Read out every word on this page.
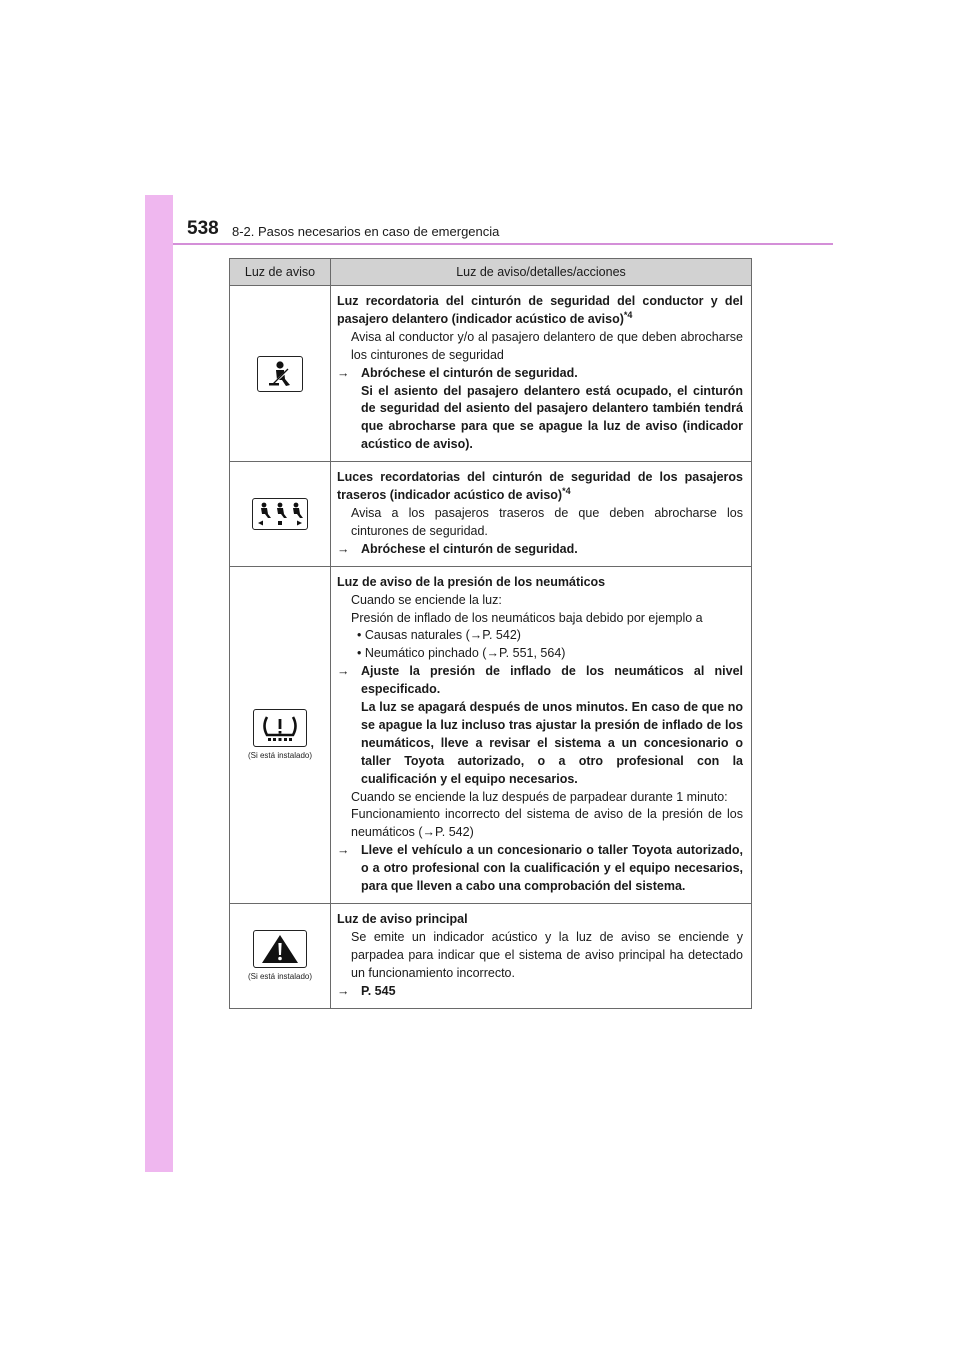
538 8-2. Pasos necesarios en caso de emergencia
Luz de aviso	Luz de aviso/detalles/acciones

Luz recordatoria del cinturón de seguridad del conductor y del pasajero delantero (indicador acústico de aviso)$^{*4}$

Avisa al conductor y/o al pasajero delantero de que deben abrocharse los cinturones de seguridad

→ Abróchese el cinturón de seguridad.

Si el asiento del pasajero delantero está ocupado, el cinturón de seguridad del asiento del pasajero delantero también tendrá que abrocharse para que se apague la luz de aviso (indicador acústico de aviso).

Luces recordatorias del cinturón de seguridad de los pasajeros traseros (indicador acústico de aviso)$^{*4}$

Avisa a los pasajeros traseros de que deben abrocharse los cinturones de seguridad.

→ Abróchese el cinturón de seguridad.

(Si está instalado)

Luz de aviso de la presión de los neumáticos

Cuando se enciende la luz:

Presión de inflado de los neumáticos baja debido por ejemplo a

• Causas naturales (→P. 542)

• Neumático pinchado (→P. 551, 564)

→ Ajuste la presión de inflado de los neumáticos al nivel especificado.

La luz se apagará después de unos minutos. En caso de que no se apague la luz incluso tras ajustar la presión de inflado de los neumáticos, lleve a revisar el sistema a un concesionario o taller Toyota autorizado, o a otro profesional con la cualificación y el equipo necesarios.

Cuando se enciende la luz después de parpadear durante 1 minuto:

Funcionamiento incorrecto del sistema de aviso de la presión de los neumáticos (→P. 542)

→ Lleve el vehículo a un concesionario o taller Toyota autorizado, o a otro profesional con la cualificación y el equipo necesarios, para que lleven a cabo una comprobación del sistema.

(Si está instalado)

Luz de aviso principal

Se emite un indicador acústico y la luz de aviso se enciende y parpadea para indicar que el sistema de aviso principal ha detectado un funcionamiento incorrecto.

→ P. 545
